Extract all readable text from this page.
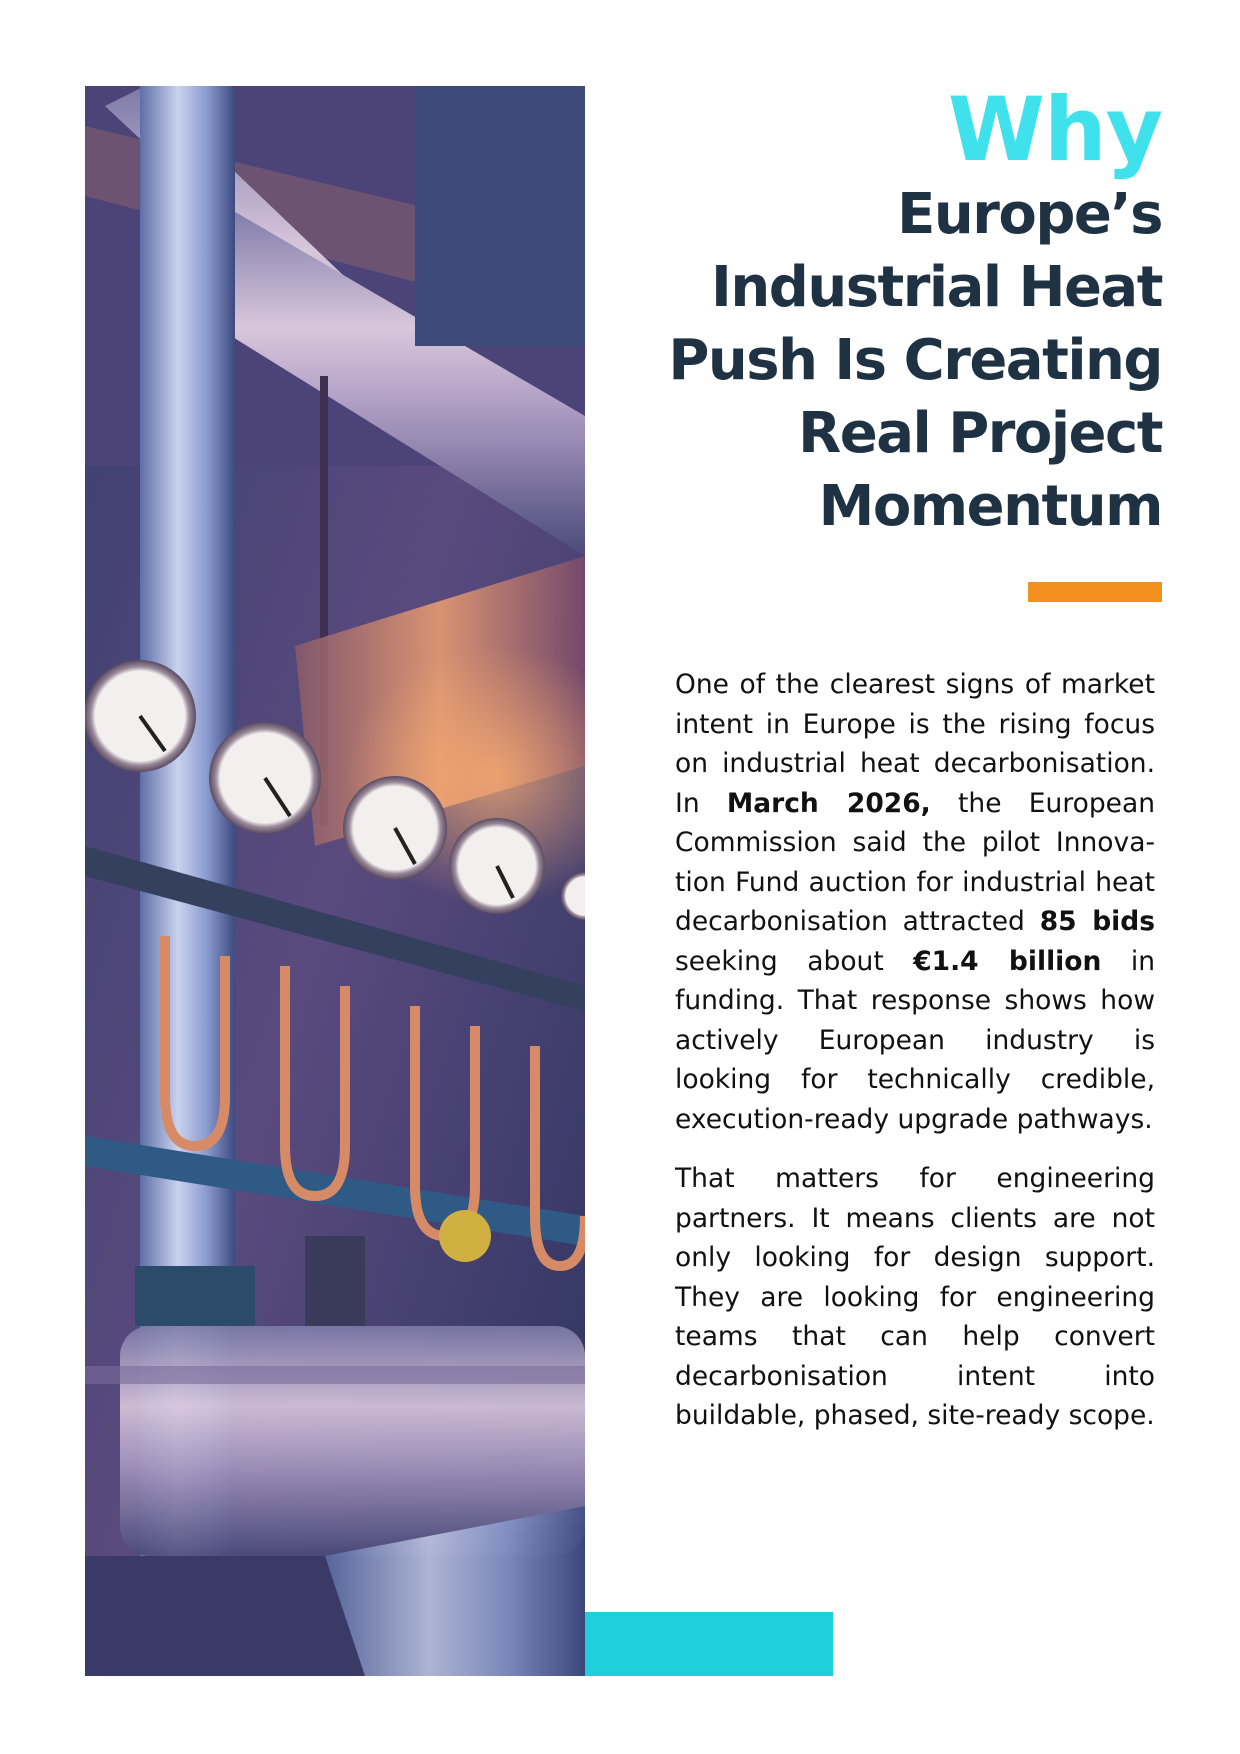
Why
Europe’s
Industrial Heat
Push Is Creating
Real Project
Momentum

One of the clearest signs of market intent in Europe is the rising focus on industrial heat decarbonisation. In March 2026, the European Commission said the pilot Innovation Fund auction for industrial heat decarbonisation attracted 85 bids seeking about €1.4 billion in funding. That response shows how actively European industry is looking for technically credible, execution-ready upgrade pathways.

That matters for engineering partners. It means clients are not only looking for design support. They are looking for engineering teams that can help convert decarbonisation intent into buildable, phased, site-ready scope.
